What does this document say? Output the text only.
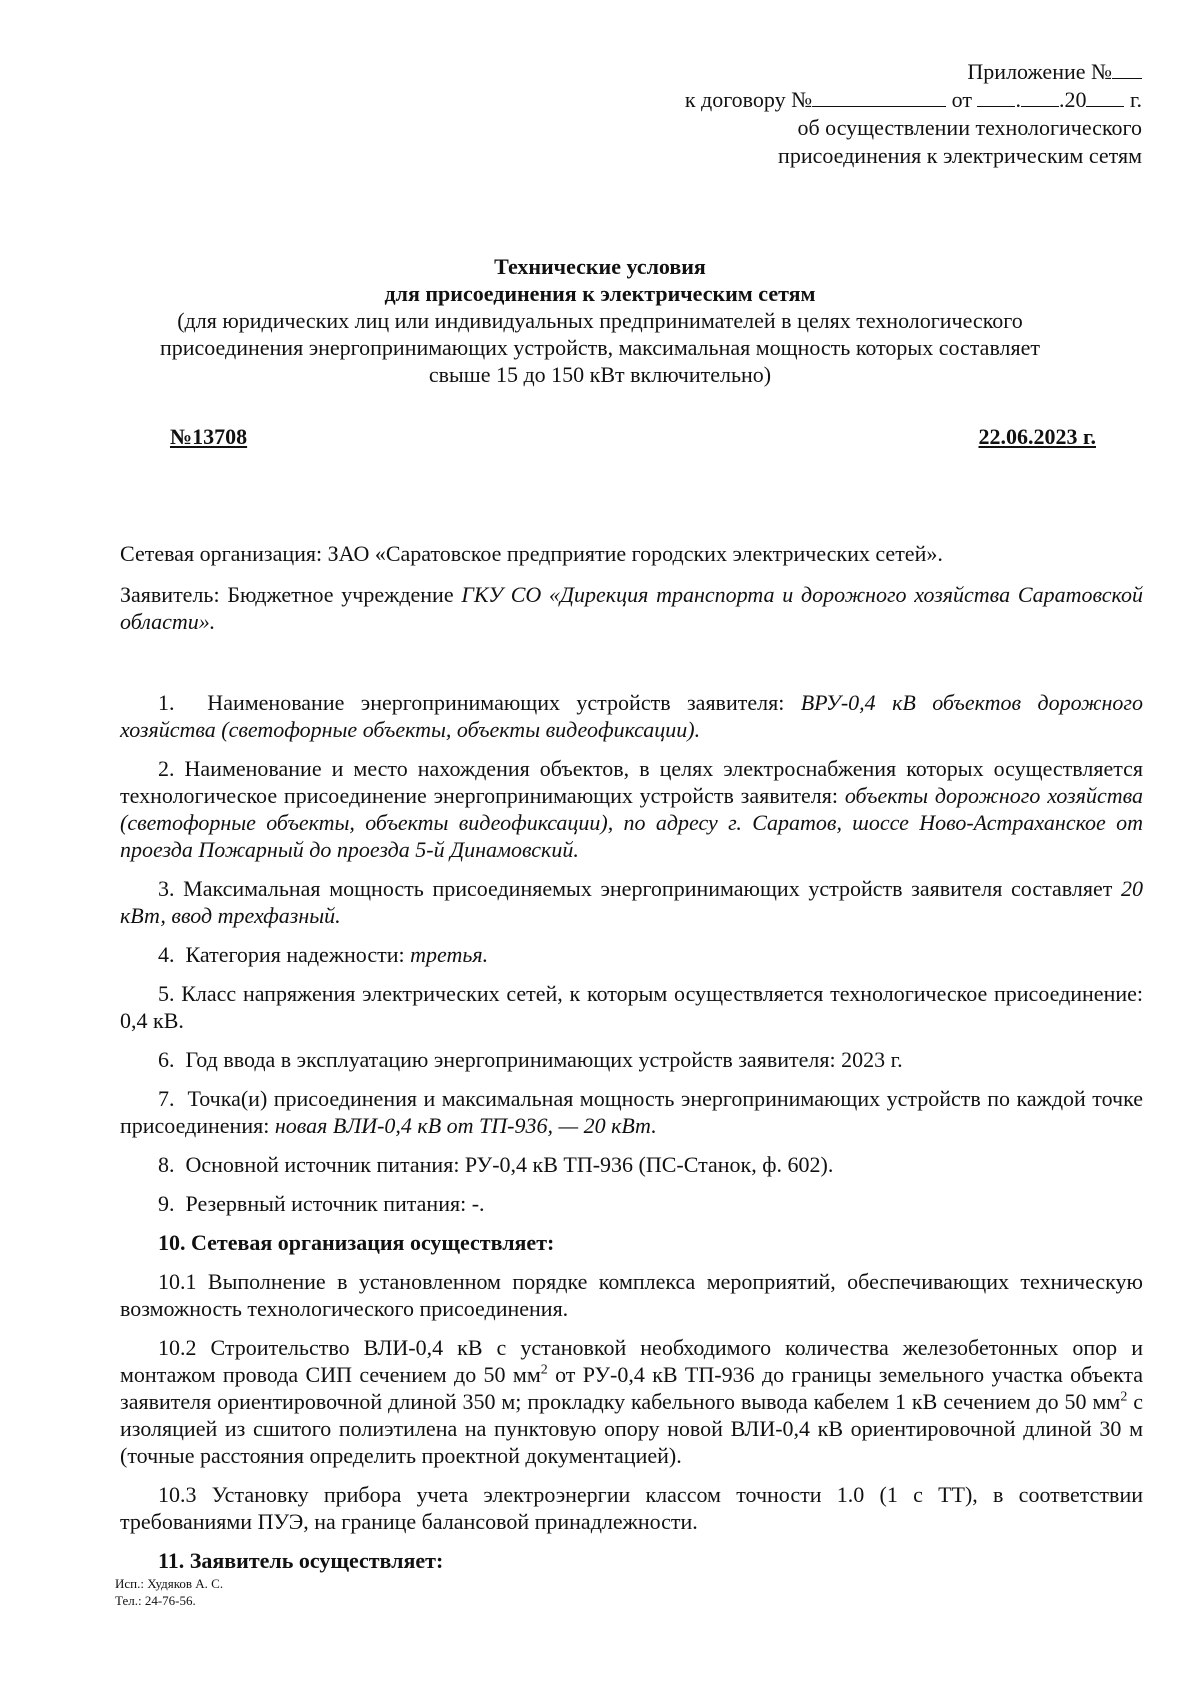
Приложение №
к договору №	от . .20 г.
об осуществлении технологического
присоединения к электрическим сетям
Технические условия
для присоединения к электрическим сетям
(для юридических лиц или индивидуальных предпринимателей в целях технологического
присоединения энергопринимающих устройств, максимальная мощность которых составляет
свыше 15 до 150 кВт включительно)
№13708	22.06.2023 г.

Сетевая организация: ЗАО «Саратовское предприятие городских электрических сетей».

Заявитель: Бюджетное учреждение ГКУ СО «Дирекция транспорта и дорожного хозяйства Саратовской области».

1.  Наименование энергопринимающих устройств заявителя: ВРУ-0,4 кВ объектов дорожного хозяйства (светофорные объекты, объекты видеофиксации).

2. Наименование и место нахождения объектов, в целях электроснабжения которых осуществляется технологическое присоединение энергопринимающих устройств заявителя: объекты дорожного хозяйства (светофорные объекты, объекты видеофиксации), по адресу г. Саратов, шоссе Ново-Астраханское от проезда Пожарный до проезда 5-й Динамовский.

3. Максимальная мощность присоединяемых энергопринимающих устройств заявителя составляет 20 кВт, ввод трехфазный.

4.  Категория надежности: третья.

5. Класс напряжения электрических сетей, к которым осуществляется технологическое присоединение: 0,4 кВ.

6.  Год ввода в эксплуатацию энергопринимающих устройств заявителя: 2023 г.

7.  Точка(и) присоединения и максимальная мощность энергопринимающих устройств по каждой точке присоединения: новая ВЛИ-0,4 кВ от ТП-936, — 20 кВт.

8.  Основной источник питания: РУ-0,4 кВ ТП-936 (ПС-Станок, ф. 602).

9.  Резервный источник питания: -.

10. Сетевая организация осуществляет:

10.1 Выполнение в установленном порядке комплекса мероприятий, обеспечивающих техническую возможность технологического присоединения.

10.2 Строительство ВЛИ-0,4 кВ с установкой необходимого количества железобетонных опор и монтажом провода СИП сечением до 50 $мм^2$ от РУ-0,4 кВ ТП-936 до границы земельного участка объекта заявителя ориентировочной длиной 350 м; прокладку кабельного вывода кабелем 1 кВ сечением до 50 $мм^2$ с изоляцией из сшитого полиэтилена на пунктовую опору новой ВЛИ-0,4 кВ ориентировочной длиной 30 м (точные расстояния определить проектной документацией).

10.3 Установку прибора учета электроэнергии классом точности 1.0 (1 с ТТ), в соответствии требованиями ПУЭ, на границе балансовой принадлежности.

11. Заявитель осуществляет:

Исп.: Худяков А. С.
Тел.: 24-76-56.
